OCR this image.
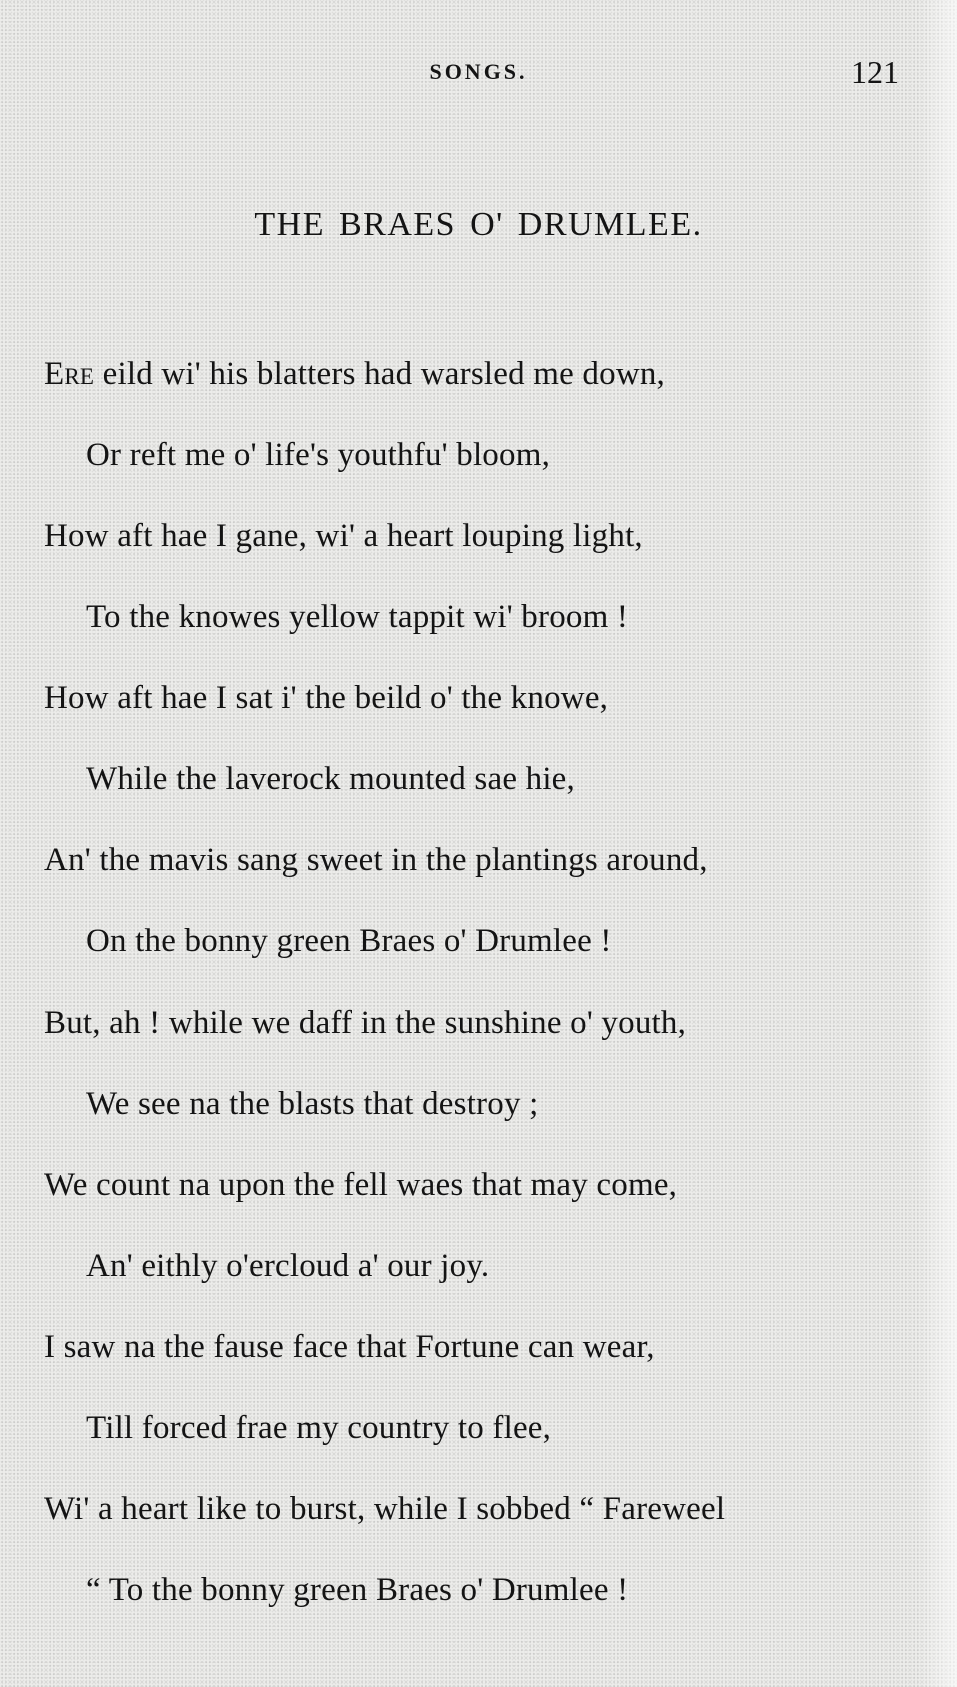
SONGS.	121
THE BRAES O' DRUMLEE.
Ere eild wi' his blatters had warsled me down,
Or reft me o' life's youthfu' bloom,
How aft hae I gane, wi' a heart louping light,
To the knowes yellow tappit wi' broom !
How aft hae I sat i' the beild o' the knowe,
While the laverock mounted sae hie,
An' the mavis sang sweet in the plantings around,
On the bonny green Braes o' Drumlee !
But, ah ! while we daff in the sunshine o' youth,
We see na the blasts that destroy ;
We count na upon the fell waes that may come,
An' eithly o'ercloud a' our joy.
I saw na the fause face that Fortune can wear,
Till forced frae my country to flee,
Wi' a heart like to burst, while I sobbed “ Fareweel
“ To the bonny green Braes o' Drumlee !
